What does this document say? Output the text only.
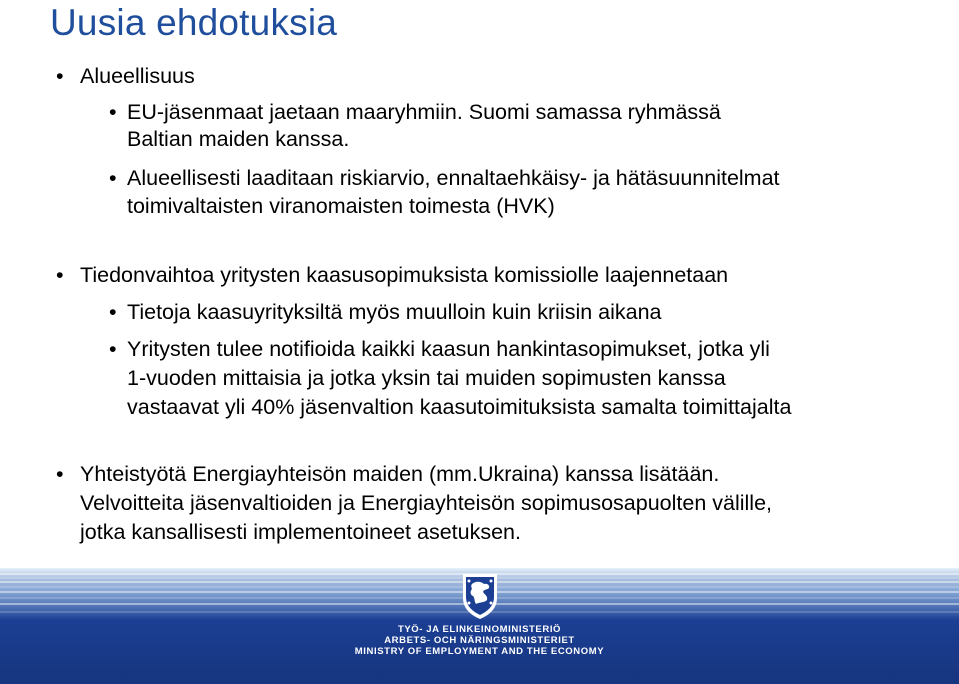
Uusia ehdotuksia
• Alueellisuus
• EU-jäsenmaat jaetaan maaryhmiin. Suomi samassa ryhmässä
Baltian maiden kanssa.
• Alueellisesti laaditaan riskiarvio, ennaltaehkäisy- ja hätäsuunnitelmat
toimivaltaisten viranomaisten toimesta (HVK)
• Tiedonvaihtoa yritysten kaasusopimuksista komissiolle laajennetaan
• Tietoja kaasuyrityksiltä myös muulloin kuin kriisin aikana
• Yritysten tulee notifioida kaikki kaasun hankintasopimukset, jotka yli
1-vuoden mittaisia ja jotka yksin tai muiden sopimusten kanssa
vastaavat yli 40% jäsenvaltion kaasutoimituksista samalta toimittajalta
• Yhteistyötä Energiayhteisön maiden (mm.Ukraina) kanssa lisätään.
Velvoitteita jäsenvaltioiden ja Energiayhteisön sopimusosapuolten välille,
jotka kansallisesti implementoineet asetuksen.
TYÖ- JA ELINKEINOMINISTERIÖ
ARBETS- OCH NÄRINGSMINISTERIET
MINISTRY OF EMPLOYMENT AND THE ECONOMY
